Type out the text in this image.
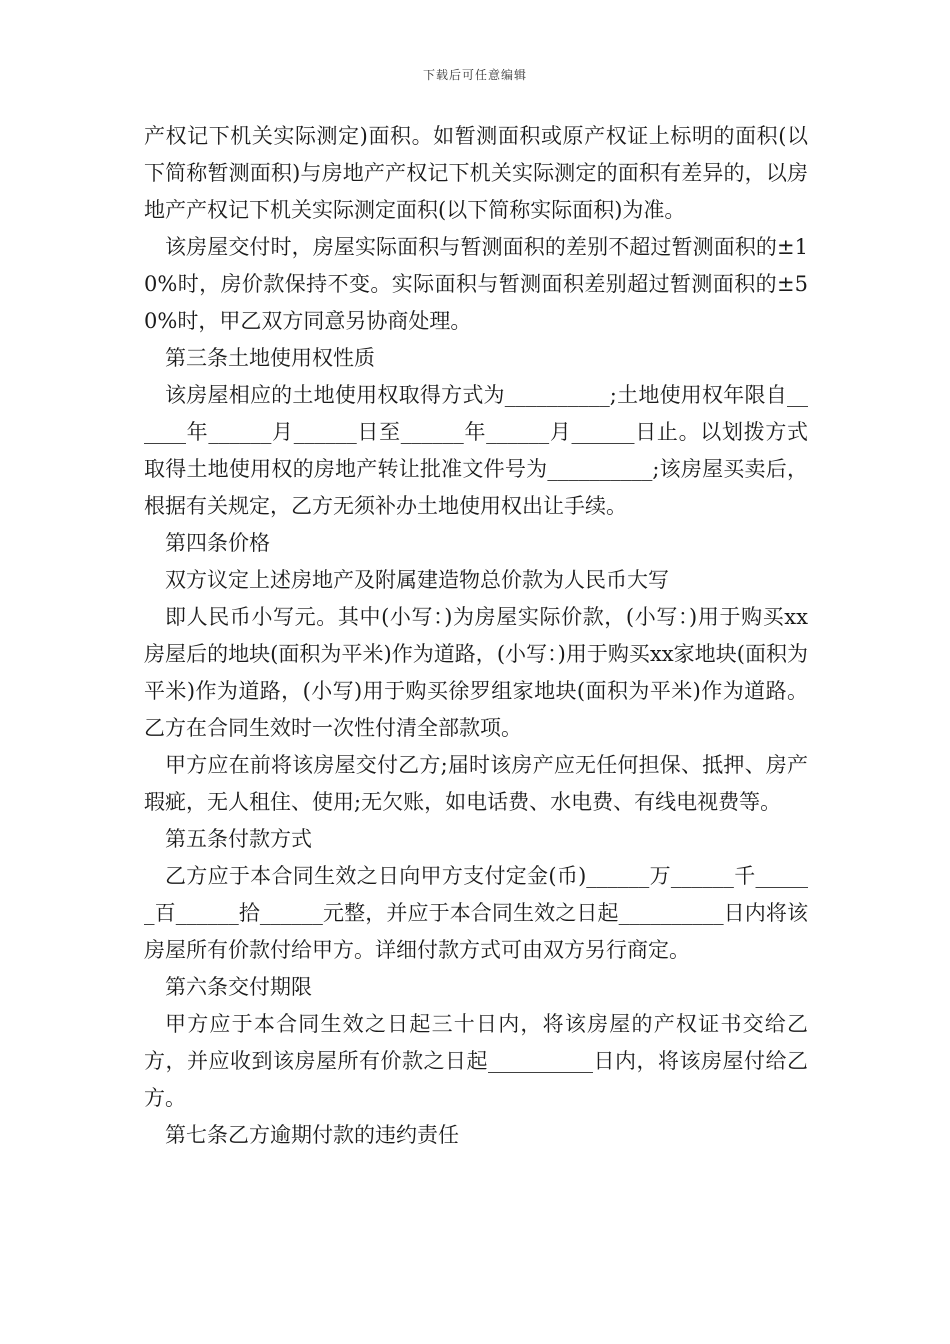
下载后可任意编辑

产权记下机关实际测定)面积。如暂测面积或原产权证上标明的面积(以下简称暂测面积)与房地产产权记下机关实际测定的面积有差异的，以房地产产权记下机关实际测定面积(以下简称实际面积)为准。

该房屋交付时，房屋实际面积与暂测面积的差别不超过暂测面积的±10%时，房价款保持不变。实际面积与暂测面积差别超过暂测面积的±50%时，甲乙双方同意另协商处理。

第三条土地使用权性质

该房屋相应的土地使用权取得方式为__________;土地使用权年限自______年______月______日至______年______月______日止。以划拨方式取得土地使用权的房地产转让批准文件号为__________;该房屋买卖后，根据有关规定，乙方无须补办土地使用权出让手续。

第四条价格

双方议定上述房地产及附属建造物总价款为人民币大写

即人民币小写元。其中(小写：)为房屋实际价款，(小写：)用于购买xx房屋后的地块(面积为平米)作为道路，(小写：)用于购买xx家地块(面积为平米)作为道路，(小写)用于购买徐罗组家地块(面积为平米)作为道路。乙方在合同生效时一次性付清全部款项。

甲方应在前将该房屋交付乙方;届时该房产应无任何担保、抵押、房产瑕疵，无人租住、使用;无欠账，如电话费、水电费、有线电视费等。

第五条付款方式

乙方应于本合同生效之日向甲方支付定金(币)______万______千______百______拾______元整，并应于本合同生效之日起__________日内将该房屋所有价款付给甲方。详细付款方式可由双方另行商定。

第六条交付期限

甲方应于本合同生效之日起三十日内，将该房屋的产权证书交给乙方，并应收到该房屋所有价款之日起__________日内，将该房屋付给乙方。

第七条乙方逾期付款的违约责任
